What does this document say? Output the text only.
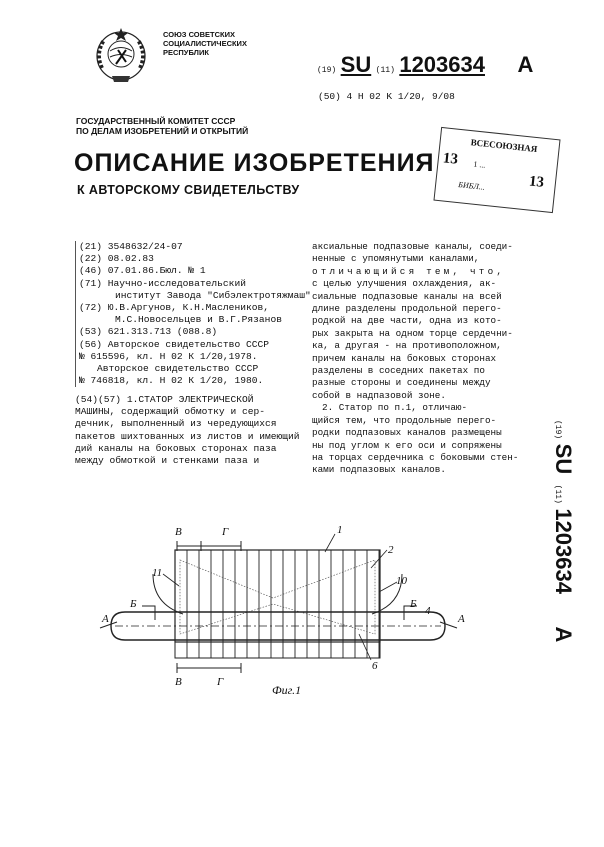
СОЮЗ СОВЕТСКИХ
СОЦИАЛИСТИЧЕСКИХ
РЕСПУБЛИК
(19) SU (11) 1203634 A
(50) 4 H 02 K 1/20, 9/08
ГОСУДАРСТВЕННЫЙ КОМИТЕТ СССР
ПО ДЕЛАМ ИЗОБРЕТЕНИЙ И ОТКРЫТИЙ
ОПИСАНИЕ ИЗОБРЕТЕНИЯ
К АВТОРСКОМУ СВИДЕТЕЛЬСТВУ
ВСЕСОЮЗНАЯ
13 1 ...
13
БИБЛ...
(21) 3548632/24-07
(22) 08.02.83
(46) 07.01.86.Бюл. № 1
(71) Научно-исследовательский
институт Завода "Сибэлектротяжмаш"
(72) Ю.В.Аргунов, К.Н.Маслеников,
М.С.Новосельцев и В.Г.Рязанов
(53) 621.313.713 (088.8)
(56) Авторское свидетельство СССР
№ 615596, кл. Н 02 К 1/20,1978.
Авторское свидетельство СССР
№ 746818, кл. Н 02 К 1/20, 1980.
(54)(57) 1.СТАТОР ЭЛЕКТРИЧЕСКОЙ
МАШИНЫ, содержащий обмотку и сер-
дечник, выполненный из чередующихся
пакетов шихтованных из листов и имеющий
дий каналы на боковых сторонах паза
между обмоткой и стенками паза и
аксиальные подпазовые каналы, соеди-
ненные с упомянутыми каналами,
отличающийся тем, что,
с целью улучшения охлаждения, ак-
сиальные подпазовые каналы на всей
длине разделены продольной перего-
родкой на две части, одна из кото-
рых закрыта на одном торце сердечни-
ка, а другая - на противоположном,
причем каналы на боковых сторонах
разделены в соседних пакетах по
разные стороны и соединены между
собой в надпазовой зоне.
2. Статор по п.1, отличаю-
щийся тем, что продольные перего-
родки подпазовых каналов размещены
ны под углом к его оси и сопряжены
на торцах сердечника с боковыми стен-
ками подпазовых каналов.
(19) SU (11) 1203634 A
В	Г	1
2
11
10
Б	Б
4
А	А
6
В	Г
Фиг.1
